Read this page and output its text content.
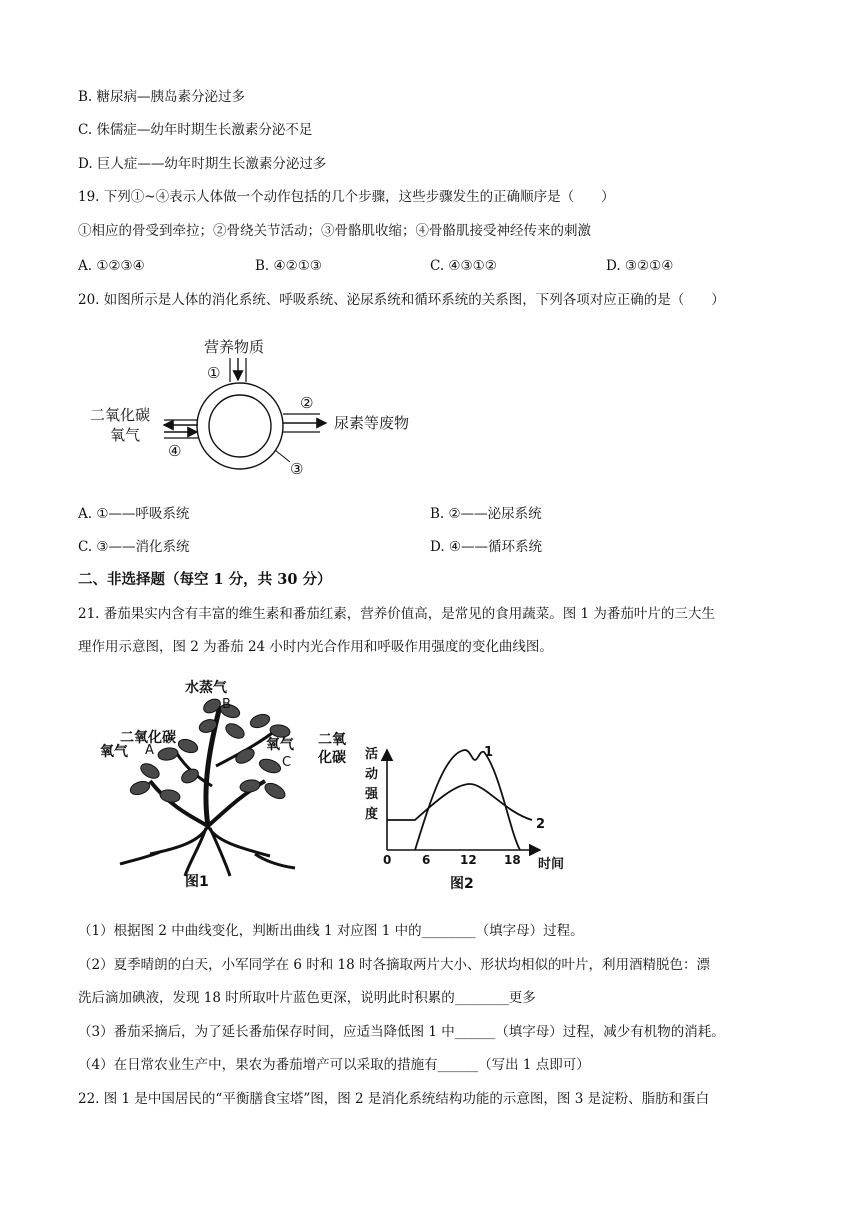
B. 糖尿病—胰岛素分泌过多
C. 侏儒症—幼年时期生长激素分泌不足
D. 巨人症——幼年时期生长激素分泌过多
19. 下列①~④表示人体做一个动作包括的几个步骤，这些步骤发生的正确顺序是（　　）
①相应的骨受到牵拉；②骨绕关节活动；③骨骼肌收缩；④骨骼肌接受神经传来的刺激
A. ①②③④	B. ④②①③	C. ④③①②	D. ③②①④
20. 如图所示是人体的消化系统、呼吸系统、泌尿系统和循环系统的关系图，下列各项对应正确的是（　　）
营养物质
①
二氧化碳
氧气
④
②
尿素等废物
③
A. ①——呼吸系统	B. ②——泌尿系统
C. ③——消化系统	D. ④——循环系统
二、非选择题（每空 1 分，共 30 分）
21. 番茄果实内含有丰富的维生素和番茄红素，营养价值高，是常见的食用蔬菜。图 1 为番茄叶片的三大生
理作用示意图，图 2 为番茄 24 小时内光合作用和呼吸作用强度的变化曲线图。
水蒸气
B
二氧化碳
氧气 A	氧气 二氧
化碳
C
图1
活
动
强
度
1
2
0	6 12 18 时间
图2
（1）根据图 2 中曲线变化，判断出曲线 1 对应图 1 中的________（填字母）过程。
（2）夏季晴朗的白天，小军同学在 6 时和 18 时各摘取两片大小、形状均相似的叶片，利用酒精脱色：漂
洗后滴加碘液，发现 18 时所取叶片蓝色更深，说明此时积累的________更多
（3）番茄采摘后，为了延长番茄保存时间，应适当降低图 1 中______（填字母）过程，减少有机物的消耗。
（4）在日常农业生产中，果农为番茄增产可以采取的措施有______（写出 1 点即可）
22. 图 1 是中国居民的“平衡膳食宝塔”图，图 2 是消化系统结构功能的示意图，图 3 是淀粉、脂肪和蛋白
